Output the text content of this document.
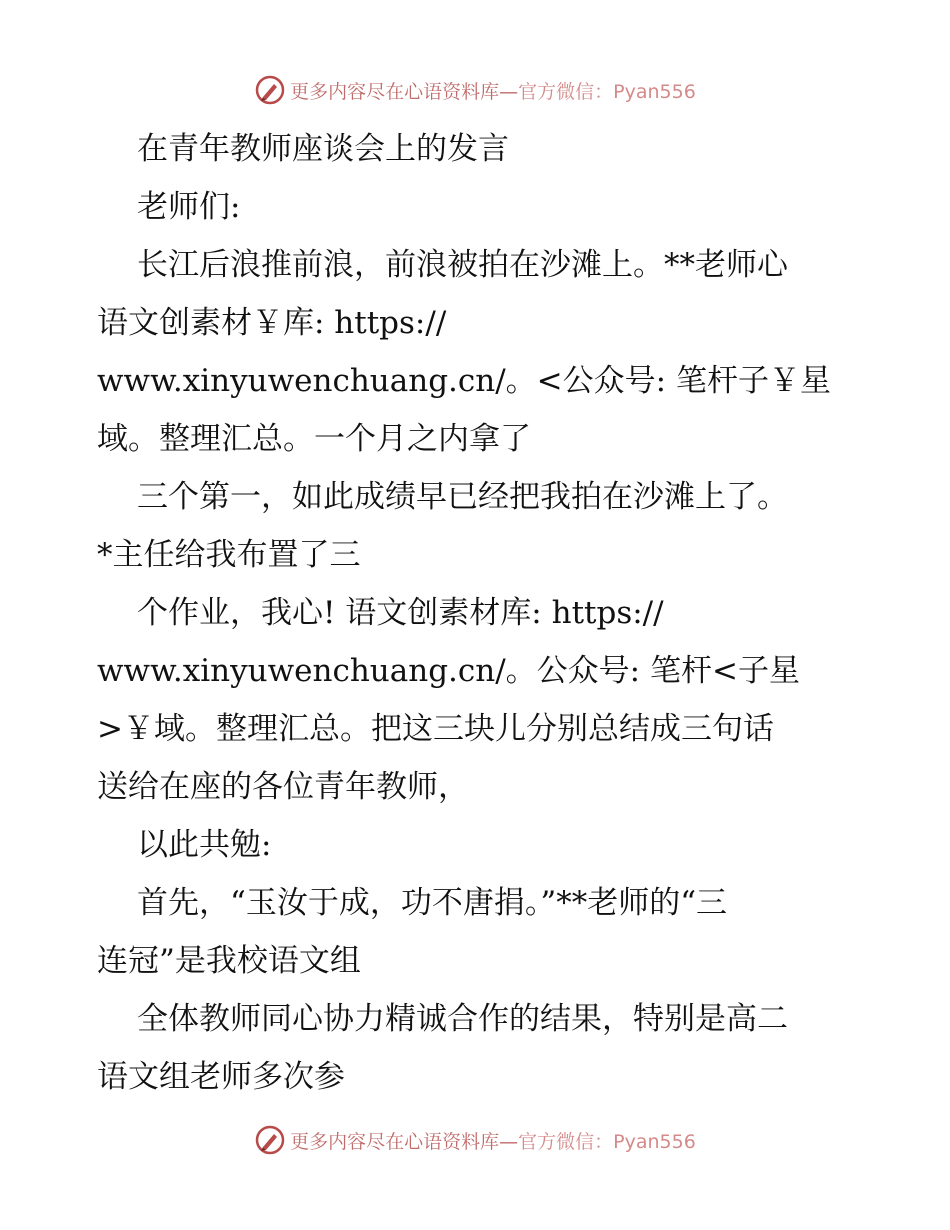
更多内容尽在心语资料库—官方微信：Pyan556
在青年教师座谈会上的发言
老师们:
长江后浪推前浪，前浪被拍在沙滩上。**老师心
语文创素材￥库: https://
www.xinyuwenchuang.cn/。<公众号: 笔杆子￥星
域。整理汇总。一个月之内拿了
三个第一，如此成绩早已经把我拍在沙滩上了。
*主任给我布置了三
个作业，我心! 语文创素材库: https://
www.xinyuwenchuang.cn/。公众号: 笔杆<子星
>￥域。整理汇总。把这三块儿分别总结成三句话
送给在座的各位青年教师，
以此共勉:
首先，“玉汝于成，功不唐捐。”**老师的“三
连冠”是我校语文组
全体教师同心协力精诚合作的结果，特别是高二
语文组老师多次参
更多内容尽在心语资料库—官方微信：Pyan556
